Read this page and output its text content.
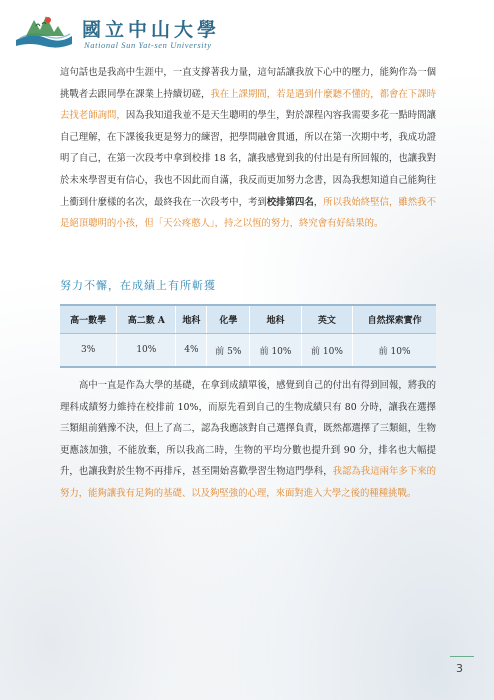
國立中山大學
National Sun Yat-sen University
這句話也是我高中生涯中，一直支撐著我力量，這句話讓我放下心中的壓力，能夠作為一個挑戰者去跟同學在課業上持續切磋，我在上課期間，若是遇到什麼聽不懂的，都會在下課時去找老師詢問，因為我知道我並不是天生聰明的學生，對於課程內容我需要多花一點時間讓自己理解，在下課後我更是努力的練習，把學問融會貫通，所以在第一次期中考，我成功證明了自己，在第一次段考中拿到校排 18 名，讓我感覺到我的付出是有所回報的，也讓我對於未來學習更有信心，我也不因此而自滿，我反而更加努力念書，因為我想知道自己能夠往上衝到什麼樣的名次，最終我在一次段考中，考到校排第四名，所以我始終堅信，雖然我不是絕頂聰明的小孩，但「天公疼憨人」，持之以恆的努力，終究會有好結果的。
努力不懈，在成績上有所斬獲
高一數學	高二數 A	地科	化學	地科	英文	自然探索實作
3%	10%	4%	前 5%	前 10%	前 10%	前 10%
　　高中一直是作為大學的基礎，在拿到成績單後，感覺到自己的付出有得到回報，將我的理科成績努力維持在校排前 10%，而原先看到自己的生物成績只有 80 分時，讓我在選擇三類組前猶豫不決，但上了高二，認為我應該對自己選擇負責，既然都選擇了三類組，生物更應該加強，不能放棄，所以我高二時，生物的平均分數也提升到 90 分，排名也大幅提升，也讓我對於生物不再排斥，甚至開始喜歡學習生物這門學科，我認為我這兩年多下來的努力，能夠讓我有足夠的基礎、以及夠堅強的心理，來面對進入大學之後的種種挑戰。
3
